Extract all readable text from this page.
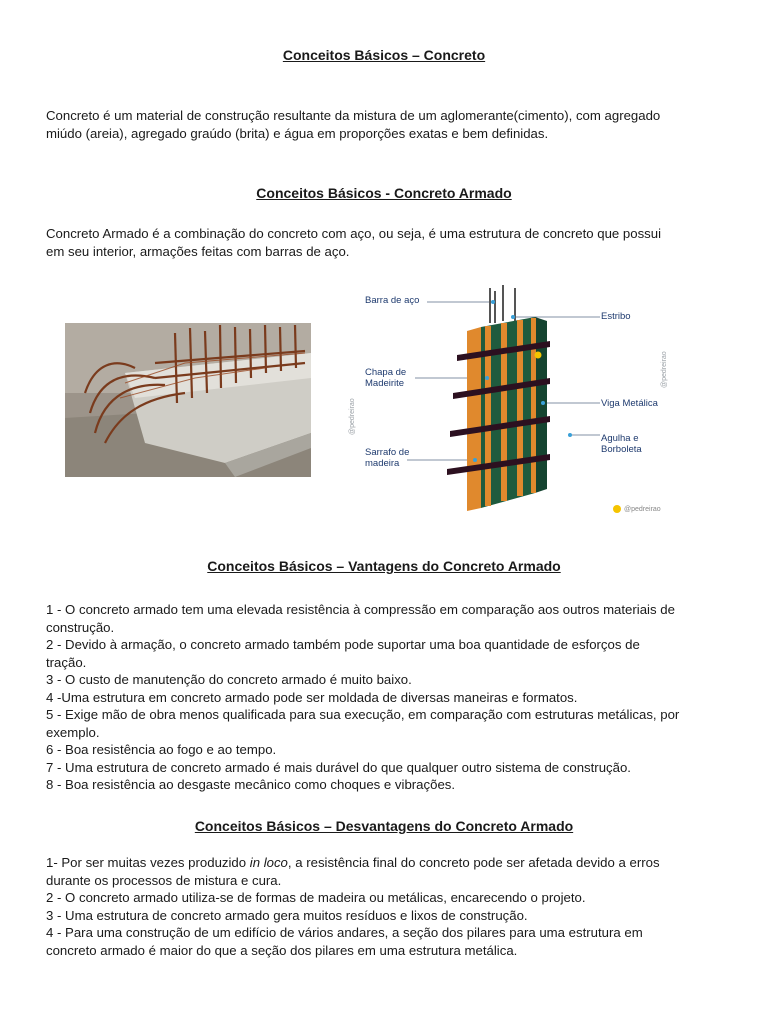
Conceitos Básicos – Concreto

Concreto é um material de construção resultante da mistura de um aglomerante(cimento), com agregado

miúdo (areia), agregado graúdo (brita) e água em proporções exatas e bem definidas.

Conceitos Básicos - Concreto Armado

Concreto Armado é a combinação do concreto com aço, ou seja, é uma estrutura de concreto que possui

em seu interior, armações feitas com barras de aço.

Barra de aço
Estribo
Chapa de
Madeirite
Viga Metálica
Agulha e
Borboleta
Sarrafo de
madeira
@pedreirao
@pedreirao
@pedreirao
Conceitos Básicos – Vantagens do Concreto Armado
1 - O concreto armado tem uma elevada resistência à compressão em comparação aos outros materiais de
construção.
2 - Devido à armação, o concreto armado também pode suportar uma boa quantidade de esforços de
tração.
3 - O custo de manutenção do concreto armado é muito baixo.
4 -Uma estrutura em concreto armado pode ser moldada de diversas maneiras e formatos.
5 - Exige mão de obra menos qualificada para sua execução, em comparação com estruturas metálicas, por
exemplo.
6 - Boa resistência ao fogo e ao tempo.
7 - Uma estrutura de concreto armado é mais durável do que qualquer outro sistema de construção.
8 - Boa resistência ao desgaste mecânico como choques e vibrações.
Conceitos Básicos – Desvantagens do Concreto Armado
1- Por ser muitas vezes produzido in loco, a resistência final do concreto pode ser afetada devido a erros
durante os processos de mistura e cura.
2 - O concreto armado utiliza-se de formas de madeira ou metálicas, encarecendo o projeto.
3 - Uma estrutura de concreto armado gera muitos resíduos e lixos de construção.
4 - Para uma construção de um edifício de vários andares, a seção dos pilares para uma estrutura em
concreto armado é maior do que a seção dos pilares em uma estrutura metálica.
